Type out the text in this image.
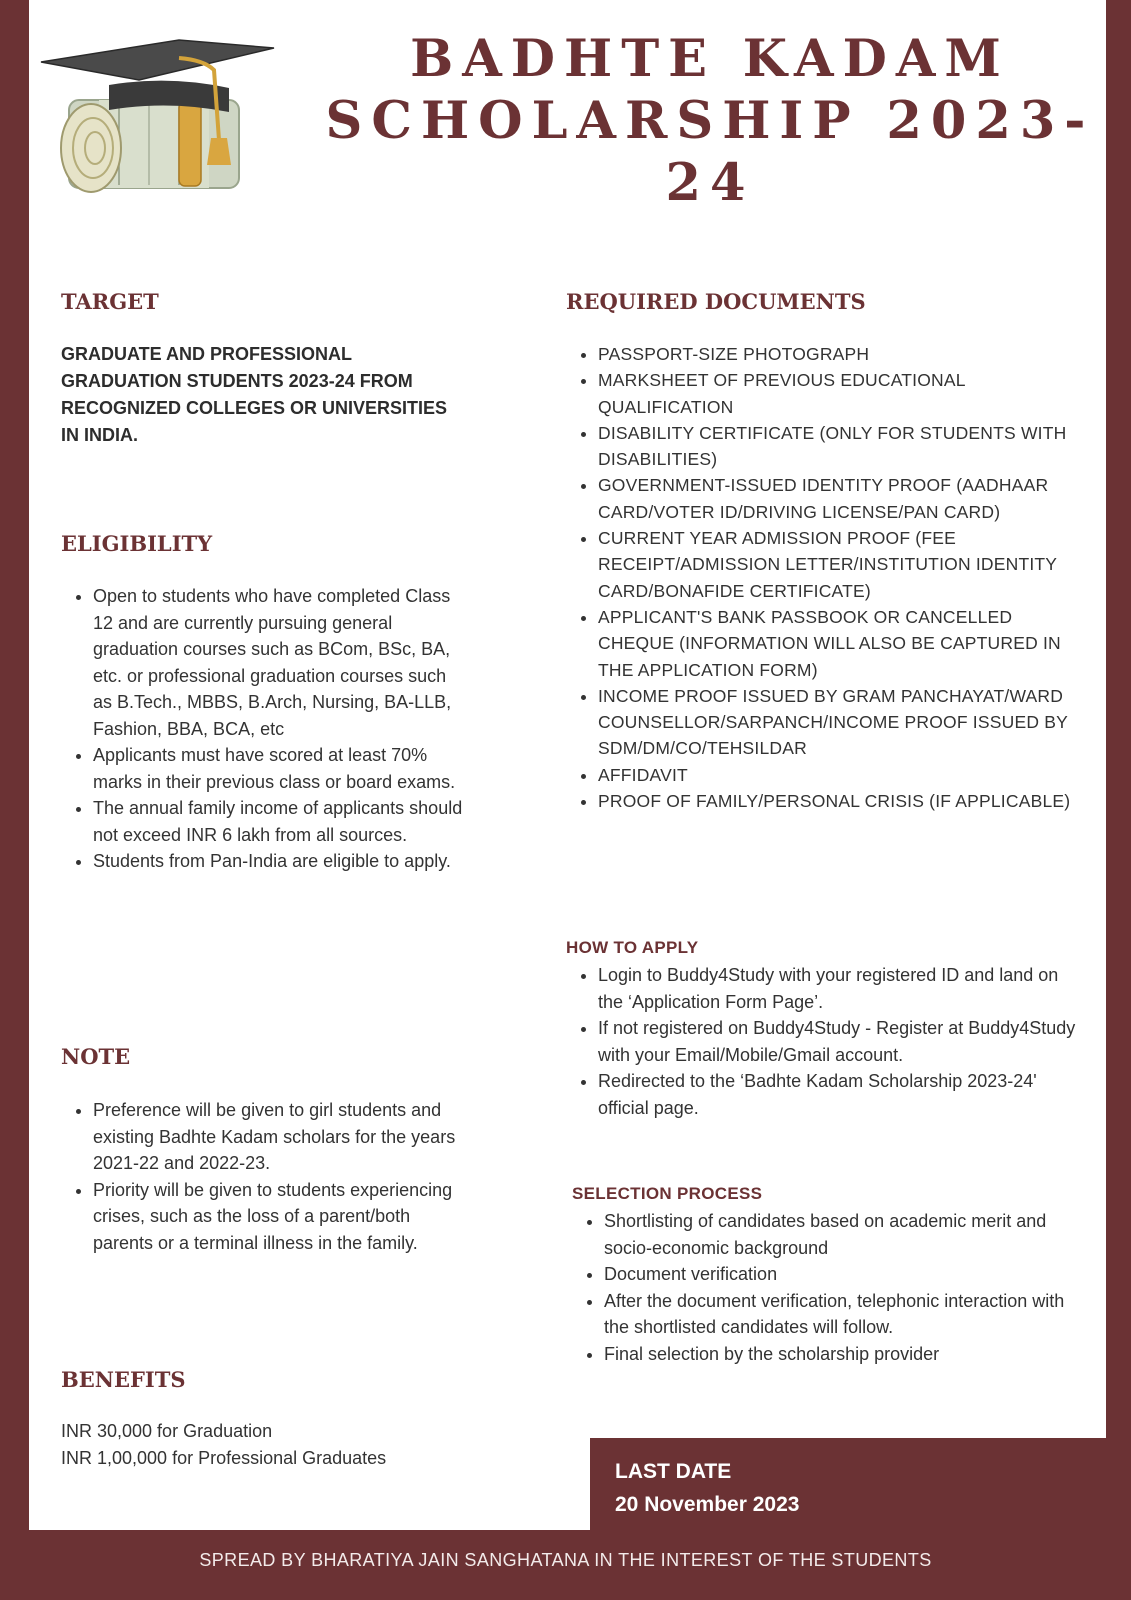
BADHTE KADAM
SCHOLARSHIP 2023-24
TARGET
GRADUATE AND PROFESSIONAL GRADUATION STUDENTS 2023-24 FROM RECOGNIZED COLLEGES OR UNIVERSITIES IN INDIA.
ELIGIBILITY
• Open to students who have completed Class 12 and are currently pursuing general graduation courses such as BCom, BSc, BA, etc. or professional graduation courses such as B.Tech., MBBS, B.Arch, Nursing, BA-LLB, Fashion, BBA, BCA, etc
• Applicants must have scored at least 70% marks in their previous class or board exams.
• The annual family income of applicants should not exceed INR 6 lakh from all sources.
• Students from Pan-India are eligible to apply.
NOTE
• Preference will be given to girl students and existing Badhte Kadam scholars for the years 2021-22 and 2022-23.
• Priority will be given to students experiencing crises, such as the loss of a parent/both parents or a terminal illness in the family.
BENEFITS
INR 30,000 for Graduation
INR 1,00,000 for Professional Graduates
REQUIRED DOCUMENTS
• PASSPORT-SIZE PHOTOGRAPH
• MARKSHEET OF PREVIOUS EDUCATIONAL QUALIFICATION
• DISABILITY CERTIFICATE (ONLY FOR STUDENTS WITH DISABILITIES)
• GOVERNMENT-ISSUED IDENTITY PROOF (AADHAAR CARD/VOTER ID/DRIVING LICENSE/PAN CARD)
• CURRENT YEAR ADMISSION PROOF (FEE RECEIPT/ADMISSION LETTER/INSTITUTION IDENTITY CARD/BONAFIDE CERTIFICATE)
• APPLICANT'S BANK PASSBOOK OR CANCELLED CHEQUE (INFORMATION WILL ALSO BE CAPTURED IN THE APPLICATION FORM)
• INCOME PROOF ISSUED BY GRAM PANCHAYAT/WARD COUNSELLOR/SARPANCH/INCOME PROOF ISSUED BY SDM/DM/CO/TEHSILDAR
• AFFIDAVIT
• PROOF OF FAMILY/PERSONAL CRISIS (IF APPLICABLE)
HOW TO APPLY
• Login to Buddy4Study with your registered ID and land on the ‘Application Form Page’.
• If not registered on Buddy4Study - Register at Buddy4Study with your Email/Mobile/Gmail account.
• Redirected to the ‘Badhte Kadam Scholarship 2023-24' official page.
SELECTION PROCESS
• Shortlisting of candidates based on academic merit and socio-economic background
• Document verification
• After the document verification, telephonic interaction with the shortlisted candidates will follow.
• Final selection by the scholarship provider
LAST DATE
20 November 2023
SPREAD BY BHARATIYA JAIN SANGHATANA IN THE INTEREST OF THE STUDENTS
